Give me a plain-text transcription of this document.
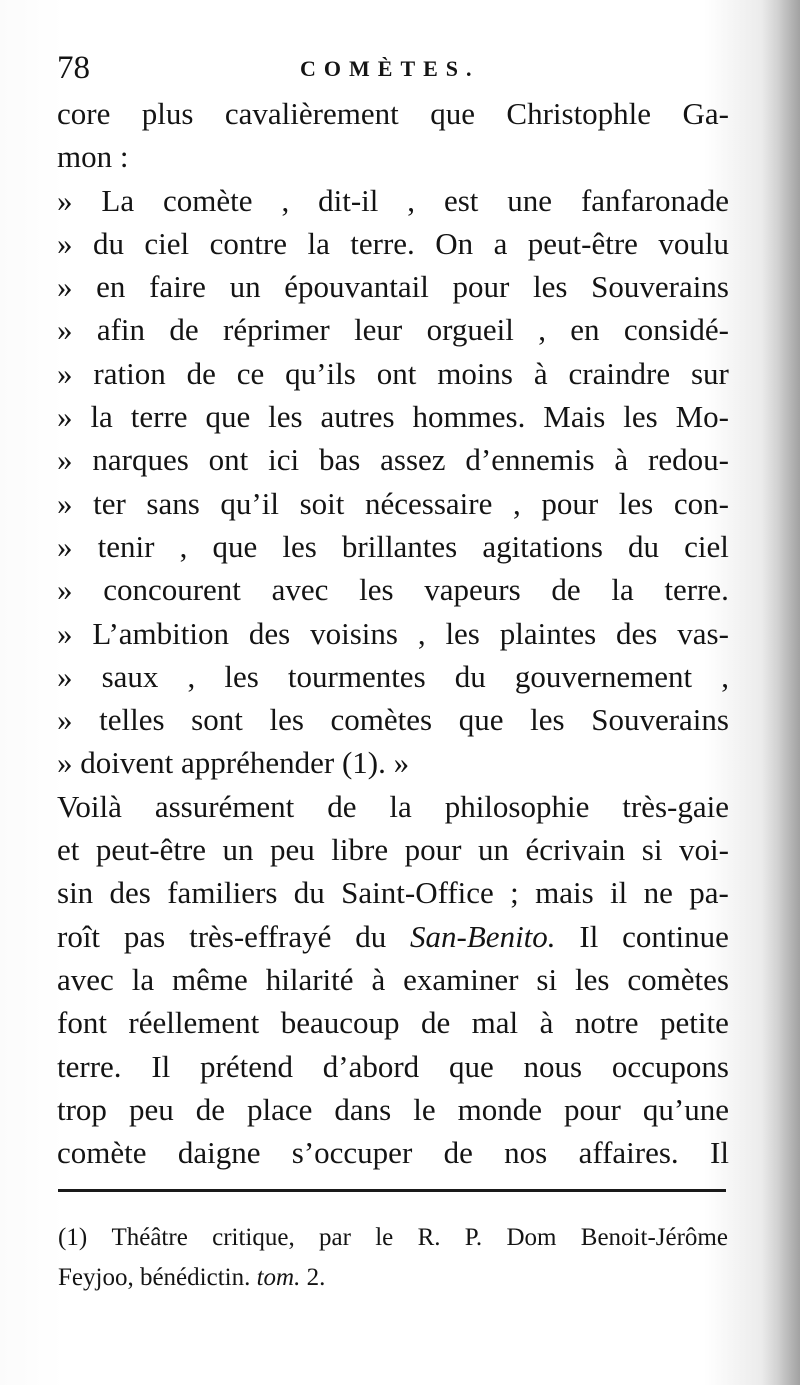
78	COMÈTES.
core plus cavalièrement que Christophle Ga-
mon
:
» La comète , dit-il , est une fanfaronade
» du ciel contre la terre. On a peut-être voulu
» en faire un épouvantail pour les Souverains
» afin de réprimer leur orgueil , en considé-
» ration de ce qu’ils ont moins à craindre sur
» la terre que les autres hommes. Mais les Mo-
» narques ont ici bas assez d’ennemis à redou-
» ter sans qu’il soit nécessaire , pour les con-
» tenir , que les brillantes agitations du ciel
» concourent avec les vapeurs de la terre.
» L’ambition des voisins , les plaintes des vas-
» saux , les tourmentes du gouvernement ,
» telles sont les comètes que les Souverains
»
doivent
appréhender
(1).
»
Voilà assurément de la philosophie très-gaie
et peut-être un peu libre pour un écrivain si voi-
sin des familiers du Saint-Office ; mais il ne pa-
roît pas très-effrayé du San-Benito. Il continue
avec la même hilarité à examiner si les comètes
font réellement beaucoup de mal à notre petite
terre. Il prétend d’abord que nous occupons
trop peu de place dans le monde pour qu’une
comète daigne s’occuper de nos affaires. Il
(1) Théâtre critique, par le R. P. Dom Benoit-Jérôme
Feyjoo,
bénédictin.
tom.
2.
